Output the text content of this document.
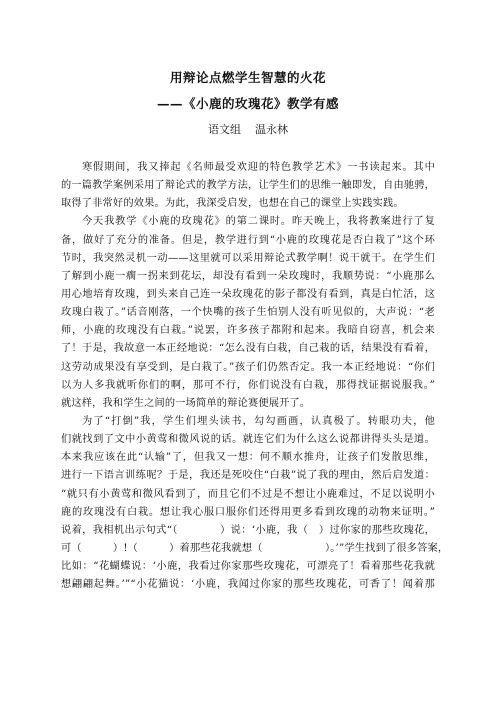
用辩论点燃学生智慧的火花
——《小鹿的玫瑰花》教学有感
语文组 温永林
寒假期间，我又捧起《名师最受欢迎的特色教学艺术》一书读起来。其中
的一篇教学案例采用了辩论式的教学方法，让学生们的思维一触即发，自由驰骋，
取得了非常好的效果。为此，我深受启发，也想在自己的课堂上实践实践。
今天我教学《小鹿的玫瑰花》的第二课时。昨天晚上，我将教案进行了复
备，做好了充分的准备。但是，教学进行到“小鹿的玫瑰花是否白栽了”这个环
节时，我突然灵机一动——这里就可以采用辩论式教学啊！说干就干。在学生们
了解到小鹿一瘸一拐来到花坛，却没有看到一朵玫瑰时，我顺势说：“小鹿那么
用心地培育玫瑰，到头来自己连一朵玫瑰花的影子都没有看到，真是白忙活，这
玫瑰白栽了。”话音刚落，一个快嘴的孩子生怕别人没有听见似的，大声说：“老
师，小鹿的玫瑰没有白栽。”说罢，许多孩子都附和起来。我暗自窃喜，机会来
了！于是，我故意一本正经地说：“怎么没有白栽，自己栽的话，结果没有看着，
这劳动成果没有享受到，是白栽了。”孩子们仍然否定。我一本正经地说：“你们
以为人多我就听你们的啊，那可不行，你们说没有白栽，那得找证据说服我。”
就这样，我和学生之间的一场简单的辩论赛便展开了。
为了“打倒”我，学生们埋头读书，勾勾画画，认真极了。转眼功夫，他
们就找到了文中小黄莺和微风说的话。就连它们为什么这么说都讲得头头是道。
本来我应该在此“认输”了，但我又一想：何不顺水推舟，让孩子们发散思维，
进行一下语言训练呢？于是，我还是死咬住“白栽”说了我的理由，然后启发道：
“就只有小黄莺和微风看到了，而且它们不过是不想让小鹿难过，不足以说明小
鹿的玫瑰没有白栽。想让我心服口服你们还得用更多看到玫瑰的动物来证明。”
说着，我相机出示句式“（　　　　）说：‘小鹿，我（　）过你家的那些玫瑰花，
可（　　　）!（　　　）着那些花我就想（　　　　　　）。’”学生找到了很多答案，
比如：“花蝴蝶说：‘小鹿，我看过你家那些玫瑰花，可漂亮了！看着那些花我就
想翩翩起舞。’”“小花猫说：‘小鹿，我闻过你家的那些玫瑰花，可香了！闻着那
